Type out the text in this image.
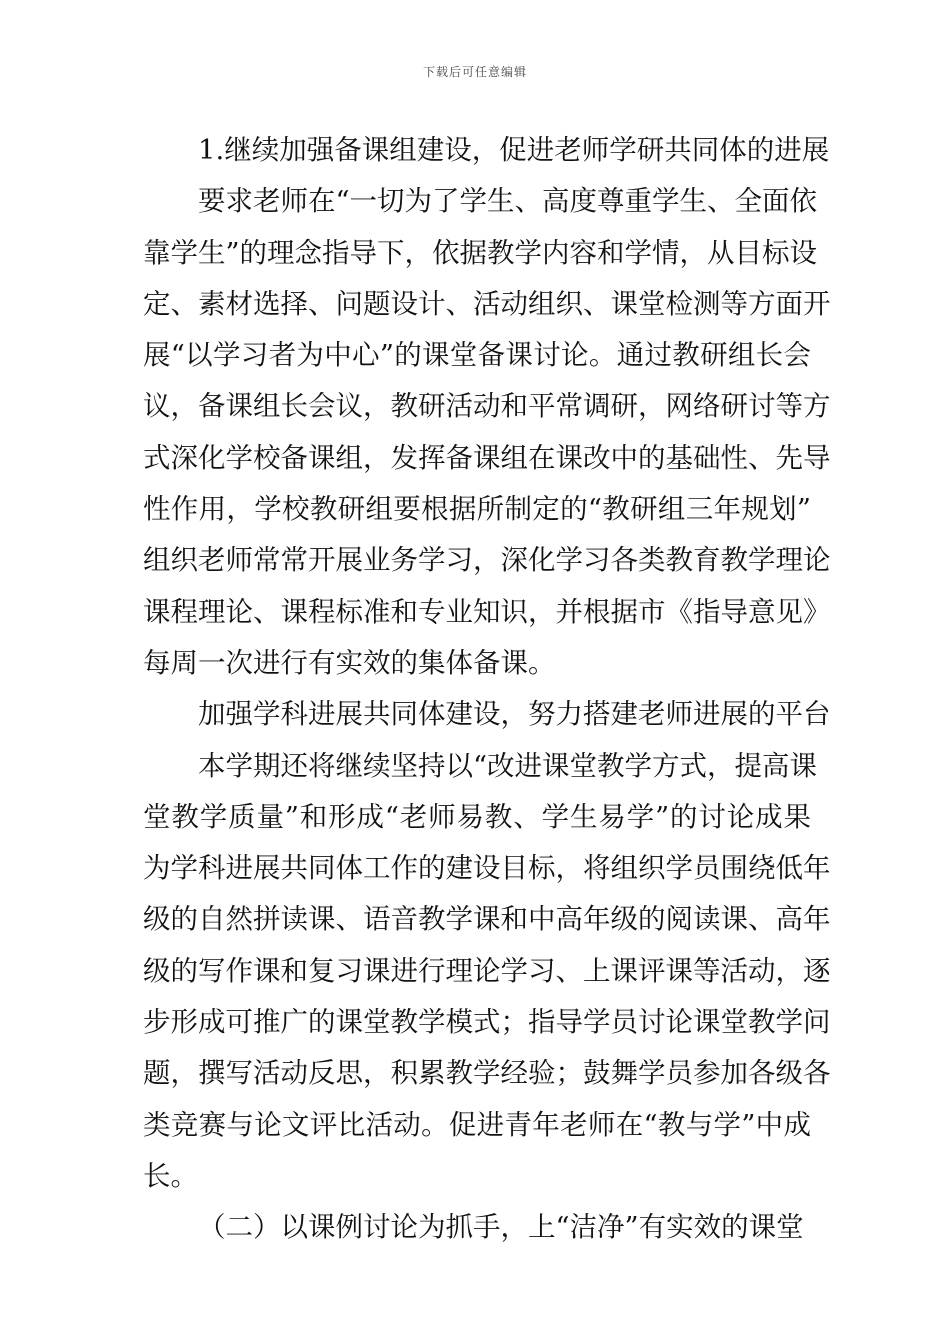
下载后可任意编辑
1.继续加强备课组建设，促进老师学研共同体的进展
要求老师在“一切为了学生、高度尊重学生、全面依
靠学生”的理念指导下，依据教学内容和学情，从目标设
定、素材选择、问题设计、活动组织、课堂检测等方面开
展“以学习者为中心”的课堂备课讨论。通过教研组长会
议，备课组长会议，教研活动和平常调研，网络研讨等方
式深化学校备课组，发挥备课组在课改中的基础性、先导
性作用，学校教研组要根据所制定的“教研组三年规划”
组织老师常常开展业务学习，深化学习各类教育教学理论
课程理论、课程标准和专业知识，并根据市《指导意见》
每周一次进行有实效的集体备课。
加强学科进展共同体建设，努力搭建老师进展的平台
本学期还将继续坚持以“改进课堂教学方式，提高课
堂教学质量”和形成“老师易教、学生易学”的讨论成果
为学科进展共同体工作的建设目标，将组织学员围绕低年
级的自然拼读课、语音教学课和中高年级的阅读课、高年
级的写作课和复习课进行理论学习、上课评课等活动，逐
步形成可推广的课堂教学模式；指导学员讨论课堂教学问
题，撰写活动反思，积累教学经验；鼓舞学员参加各级各
类竞赛与论文评比活动。促进青年老师在“教与学”中成
长。
（二）以课例讨论为抓手，上“洁净”有实效的课堂
